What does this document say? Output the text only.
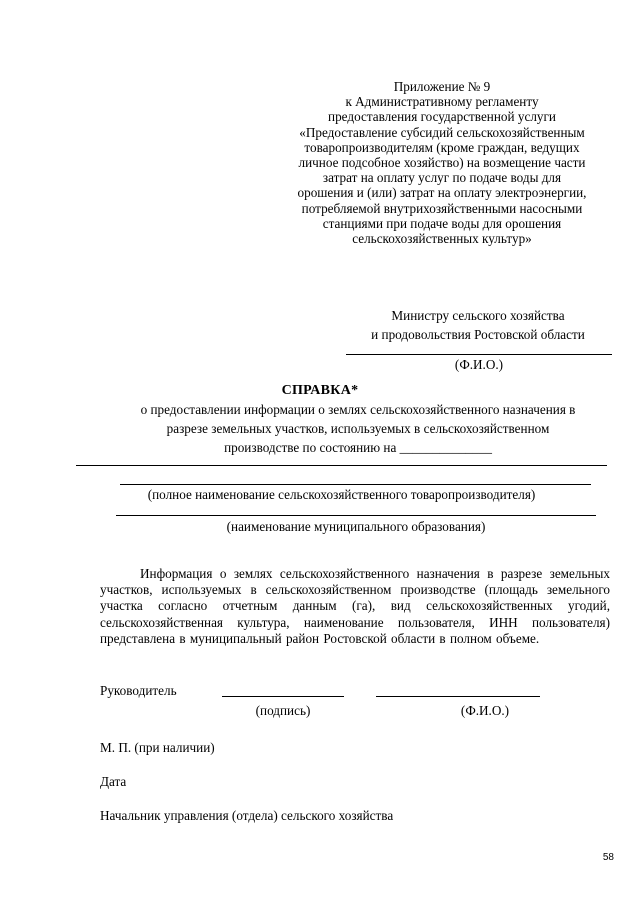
Приложение № 9
к Административному регламенту
предоставления государственной услуги
«Предоставление субсидий сельскохозяйственным
товаропроизводителям (кроме граждан, ведущих
личное подсобное хозяйство) на возмещение части
затрат на оплату услуг по подаче воды для
орошения и (или) затрат на оплату электроэнергии,
потребляемой внутрихозяйственными насосными
станциями при подаче воды для орошения
сельскохозяйственных культур»
Министру сельского хозяйства
и продовольствия Ростовской области
(Ф.И.О.)
СПРАВКА*
о предоставлении информации о землях сельскохозяйственного назначения в
разрезе земельных участков, используемых в сельскохозяйственном
производстве по состоянию на ______________
(полное наименование сельскохозяйственного товаропроизводителя)
(наименование муниципального образования)
Информация о землях сельскохозяйственного назначения в разрезе земельных участков, используемых в сельскохозяйственном производстве (площадь земельного участка согласно отчетным данным (га), вид сельскохозяйственных угодий, сельскохозяйственная культура, наименование пользователя, ИНН пользователя) представлена в муниципальный район Ростовской области в полном объеме.
Руководитель
(подпись)	(Ф.И.О.)
М. П. (при наличии)
Дата
Начальник управления (отдела) сельского хозяйства
58
